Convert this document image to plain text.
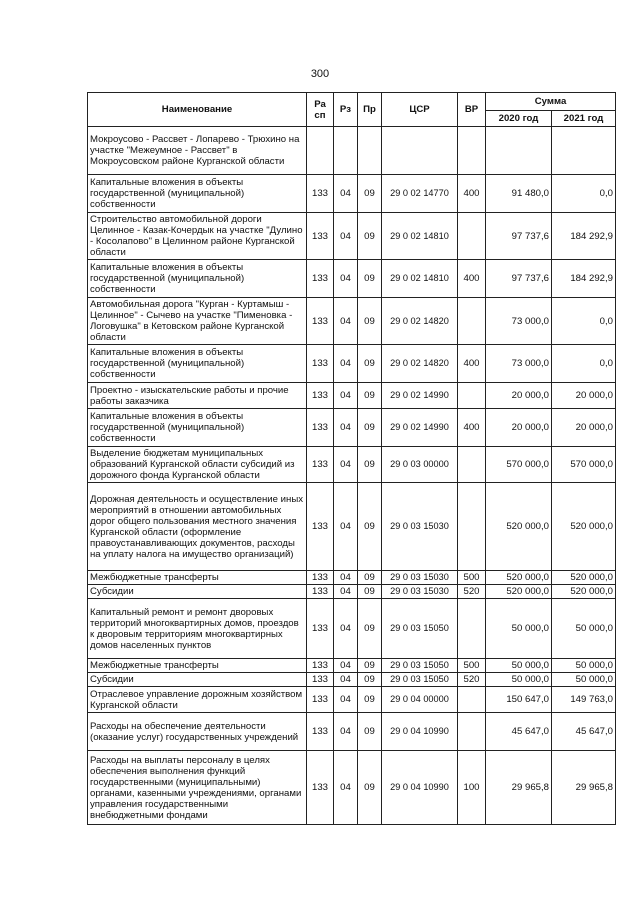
300
Наименование	Ра сп	Рз	Пр	ЦСР	ВР	Сумма	
						2020 год	2021 год
Мокроусово - Рассвет - Лопарево - Трюхино на участке "Межеумное - Рассвет" в Мокроусовском районе Курганской области							
Капитальные вложения в объекты государственной (муниципальной) собственности	133	04	09	29 0 02 14770	400	91 480,0	0,0
Строительство автомобильной дороги Целинное - Казак-Кочердык на участке "Дулино - Косолапово" в Целинном районе Курганской области	133	04	09	29 0 02 14810		97 737,6	184 292,9
Капитальные вложения в объекты государственной (муниципальной) собственности	133	04	09	29 0 02 14810	400	97 737,6	184 292,9
Автомобильная дорога "Курган - Куртамыш - Целинное" - Сычево на участке "Пименовка - Логовушка" в Кетовском районе Курганской области	133	04	09	29 0 02 14820		73 000,0	0,0
Капитальные вложения в объекты государственной (муниципальной) собственности	133	04	09	29 0 02 14820	400	73 000,0	0,0
Проектно - изыскательские работы и прочие работы заказчика	133	04	09	29 0 02 14990		20 000,0	20 000,0
Капитальные вложения в объекты государственной (муниципальной) собственности	133	04	09	29 0 02 14990	400	20 000,0	20 000,0
Выделение бюджетам муниципальных образований Курганской области субсидий из дорожного фонда Курганской области	133	04	09	29 0 03 00000		570 000,0	570 000,0
Дорожная деятельность и осуществление иных мероприятий в отношении автомобильных дорог общего пользования местного значения Курганской области (оформление правоустанавливающих документов, расходы на уплату налога на имущество организаций)	133	04	09	29 0 03 15030		520 000,0	520 000,0
Межбюджетные трансферты	133	04	09	29 0 03 15030	500	520 000,0	520 000,0
Субсидии	133	04	09	29 0 03 15030	520	520 000,0	520 000,0
Капитальный ремонт и ремонт дворовых территорий многоквартирных домов, проездов к дворовым территориям многоквартирных домов населенных пунктов	133	04	09	29 0 03 15050		50 000,0	50 000,0
Межбюджетные трансферты	133	04	09	29 0 03 15050	500	50 000,0	50 000,0
Субсидии	133	04	09	29 0 03 15050	520	50 000,0	50 000,0
Отраслевое управление дорожным хозяйством Курганской области	133	04	09	29 0 04 00000		150 647,0	149 763,0
Расходы на обеспечение деятельности (оказание услуг) государственных учреждений	133	04	09	29 0 04 10990		45 647,0	45 647,0
Расходы на выплаты персоналу в целях обеспечения выполнения функций государственными (муниципальными) органами, казенными учреждениями, органами управления государственными внебюджетными фондами	133	04	09	29 0 04 10990	100	29 965,8	29 965,8
